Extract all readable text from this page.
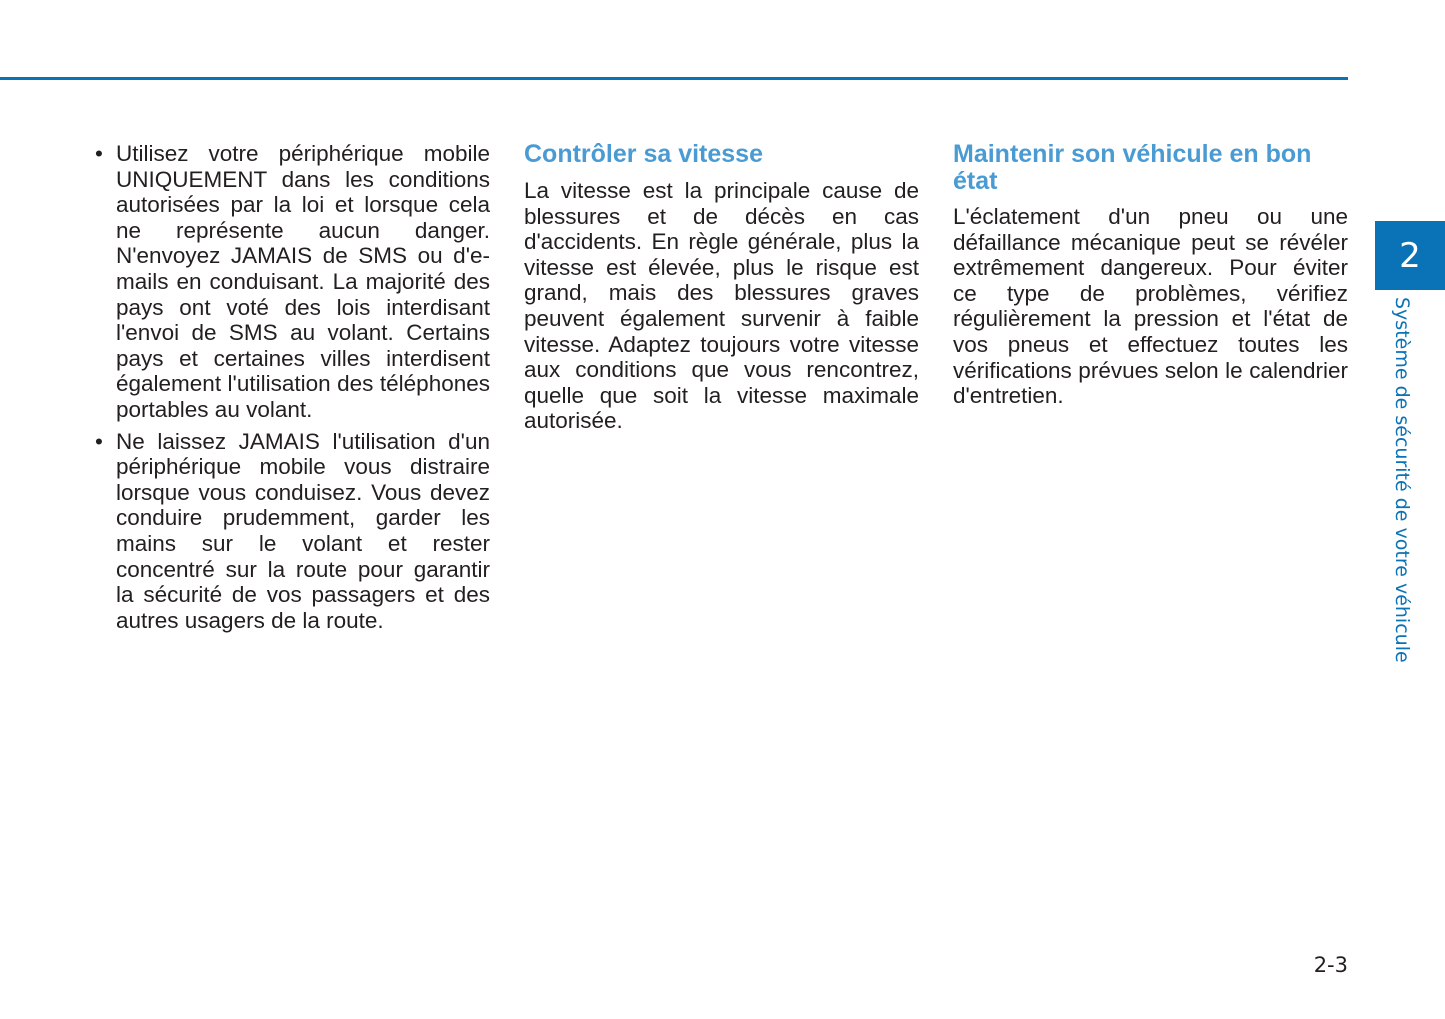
• Utilisez votre périphérique mobile UNIQUEMENT dans les conditions autorisées par la loi et lorsque cela ne représente aucun danger. N'envoyez JAMAIS de SMS ou d'e-mails en conduisant. La majorité des pays ont voté des lois interdisant l'envoi de SMS au volant. Certains pays et certaines villes interdisent également l'utilisation des téléphones portables au volant.
• Ne laissez JAMAIS l'utilisation d'un périphérique mobile vous distraire lorsque vous conduisez. Vous devez conduire prudemment, garder les mains sur le volant et rester concentré sur la route pour garantir la sécurité de vos passagers et des autres usagers de la route.
Contrôler sa vitesse

La vitesse est la principale cause de blessures et de décès en cas d'accidents. En règle générale, plus la vitesse est élevée, plus le risque est grand, mais des blessures graves peuvent également survenir à faible vitesse. Adaptez toujours votre vitesse aux conditions que vous rencontrez, quelle que soit la vitesse maximale autorisée.

Maintenir son véhicule en bon état

L'éclatement d'un pneu ou une défaillance mécanique peut se révéler extrêmement dangereux. Pour éviter ce type de problèmes, vérifiez régulièrement la pression et l'état de vos pneus et effectuez toutes les vérifications prévues selon le calendrier d'entretien.

2
Système de sécurité de votre véhicule
2-3
